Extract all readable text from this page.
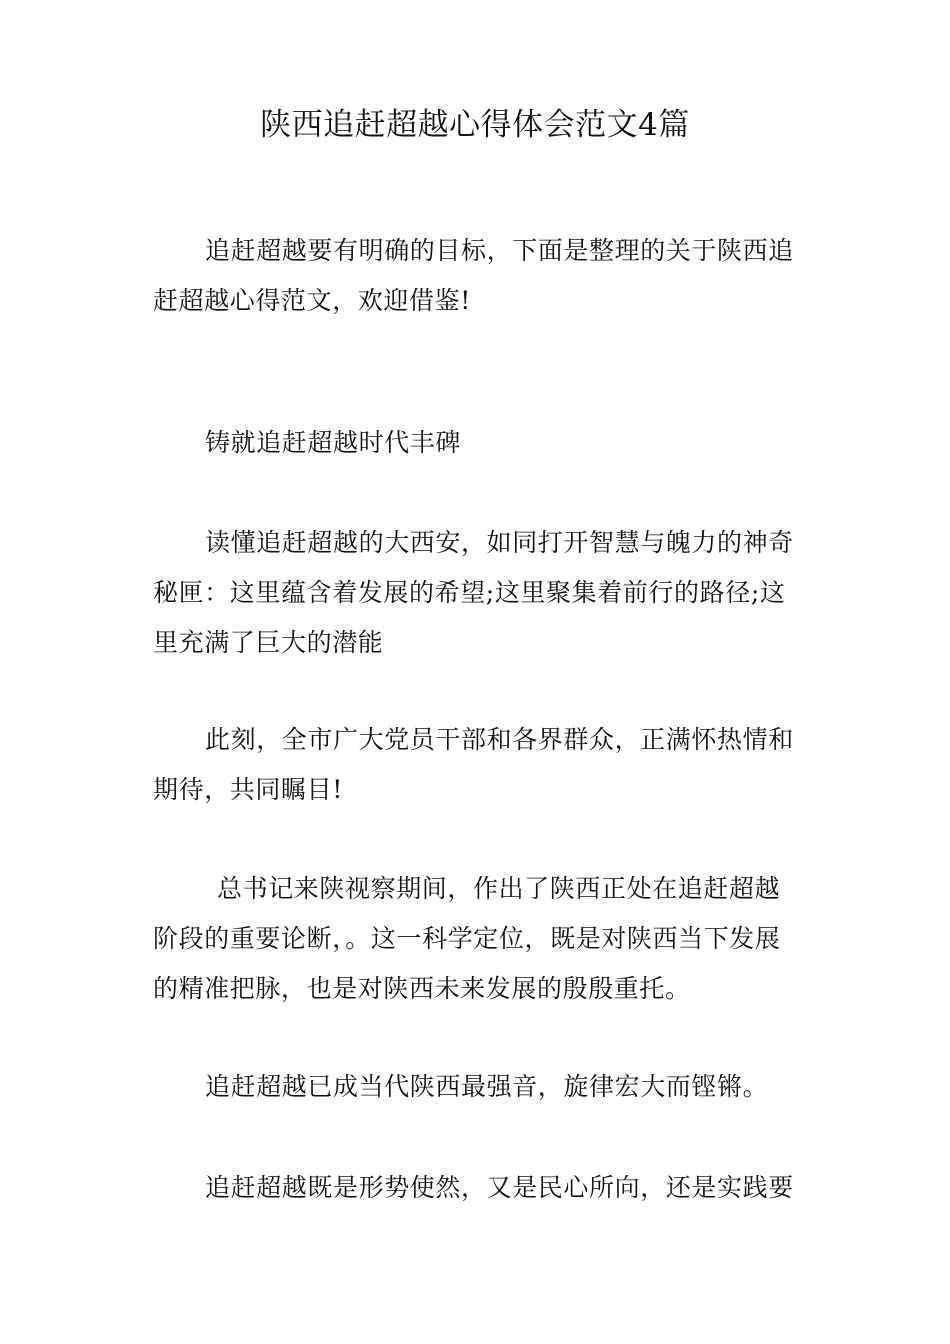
陕西追赶超越心得体会范文4篇

追赶超越要有明确的目标，下面是整理的关于陕西追赶超越心得范文，欢迎借鉴!

铸就追赶超越时代丰碑

读懂追赶超越的大西安，如同打开智慧与魄力的神奇秘匣：这里蕴含着发展的希望;这里聚集着前行的路径;这里充满了巨大的潜能

此刻，全市广大党员干部和各界群众，正满怀热情和期待，共同瞩目!

总书记来陕视察期间，作出了陕西正处在追赶超越阶段的重要论断，。这一科学定位，既是对陕西当下发展的精准把脉，也是对陕西未来发展的殷殷重托。

追赶超越已成当代陕西最强音，旋律宏大而铿锵。

追赶超越既是形势使然，又是民心所向，还是实践要
